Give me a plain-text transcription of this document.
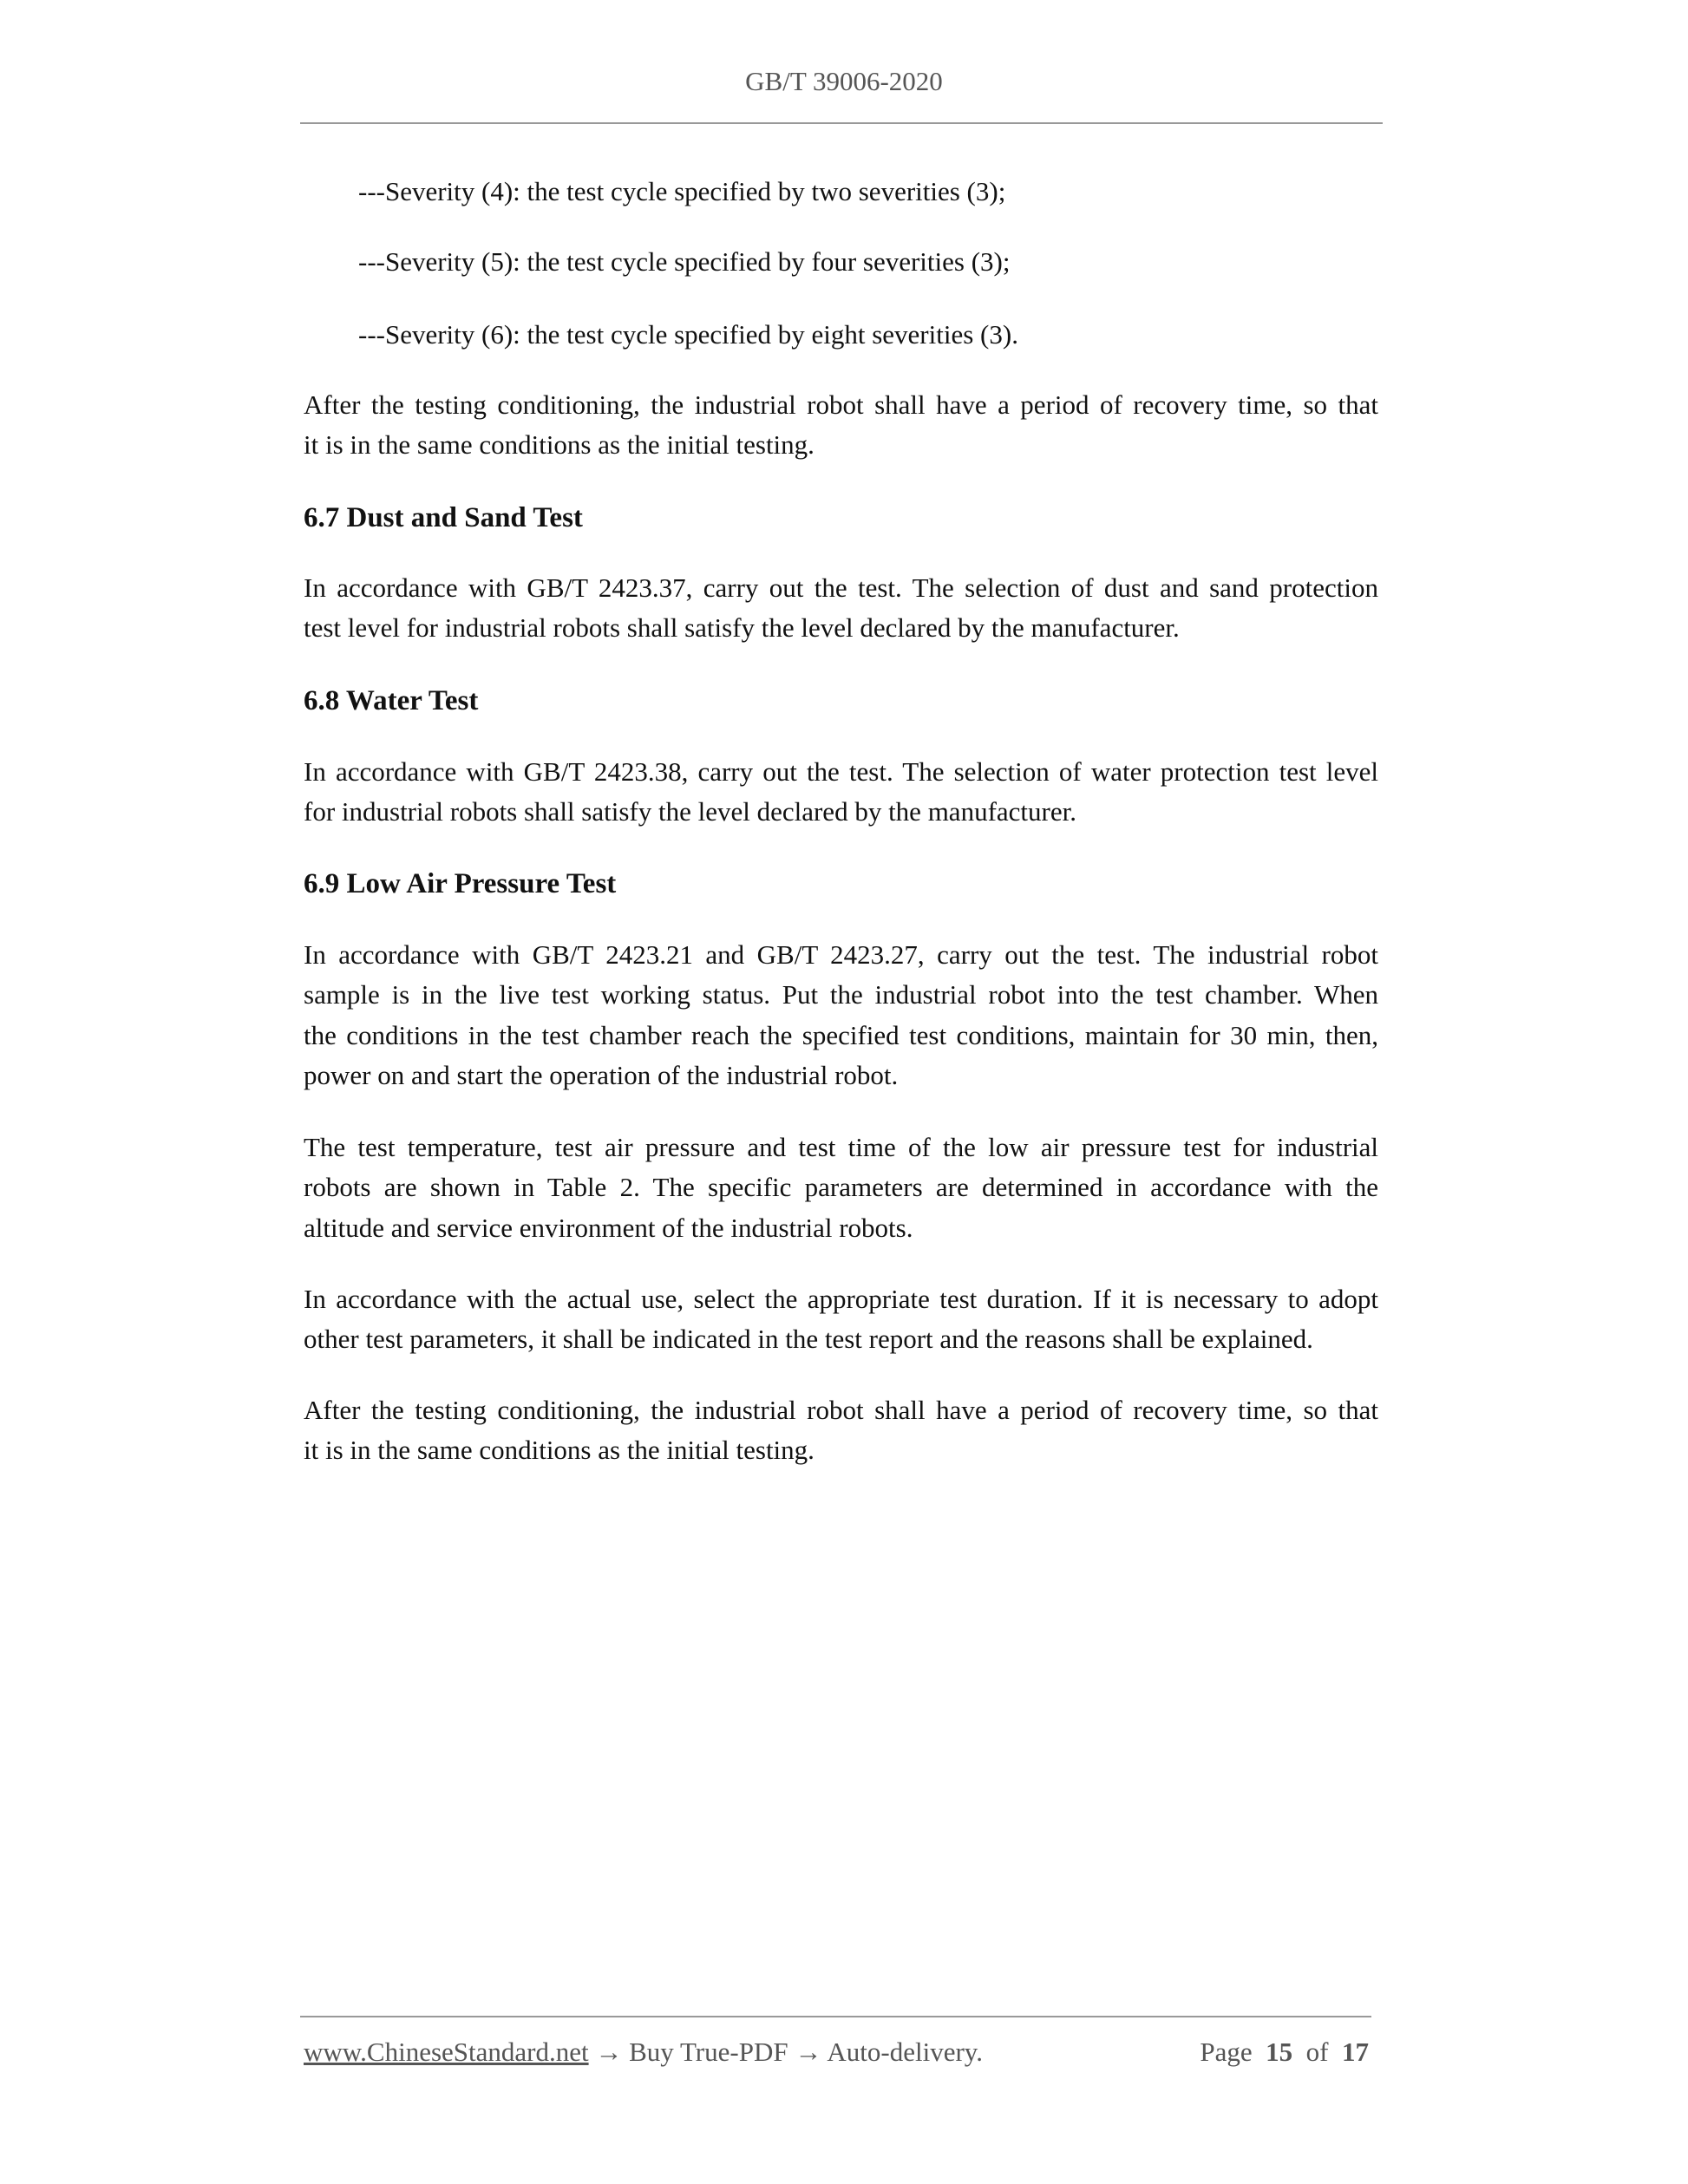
GB/T 39006-2020
---Severity (4): the test cycle specified by two severities (3);
---Severity (5): the test cycle specified by four severities (3);
---Severity (6): the test cycle specified by eight severities (3).
After the testing conditioning, the industrial robot shall have a period of recovery time, so that
it is in the same conditions as the initial testing.
6.7 Dust and Sand Test
In accordance with GB/T 2423.37, carry out the test. The selection of dust and sand protection
test level for industrial robots shall satisfy the level declared by the manufacturer.
6.8 Water Test
In accordance with GB/T 2423.38, carry out the test. The selection of water protection test level
for industrial robots shall satisfy the level declared by the manufacturer.
6.9 Low Air Pressure Test
In accordance with GB/T 2423.21 and GB/T 2423.27, carry out the test. The industrial robot
sample is in the live test working status. Put the industrial robot into the test chamber. When
the conditions in the test chamber reach the specified test conditions, maintain for 30 min, then,
power on and start the operation of the industrial robot.
The test temperature, test air pressure and test time of the low air pressure test for industrial
robots are shown in Table 2. The specific parameters are determined in accordance with the
altitude and service environment of the industrial robots.
In accordance with the actual use, select the appropriate test duration. If it is necessary to adopt
other test parameters, it shall be indicated in the test report and the reasons shall be explained.
After the testing conditioning, the industrial robot shall have a period of recovery time, so that
it is in the same conditions as the initial testing.
www.ChineseStandard.net → Buy True-PDF → Auto-delivery.	Page 15 of 17
